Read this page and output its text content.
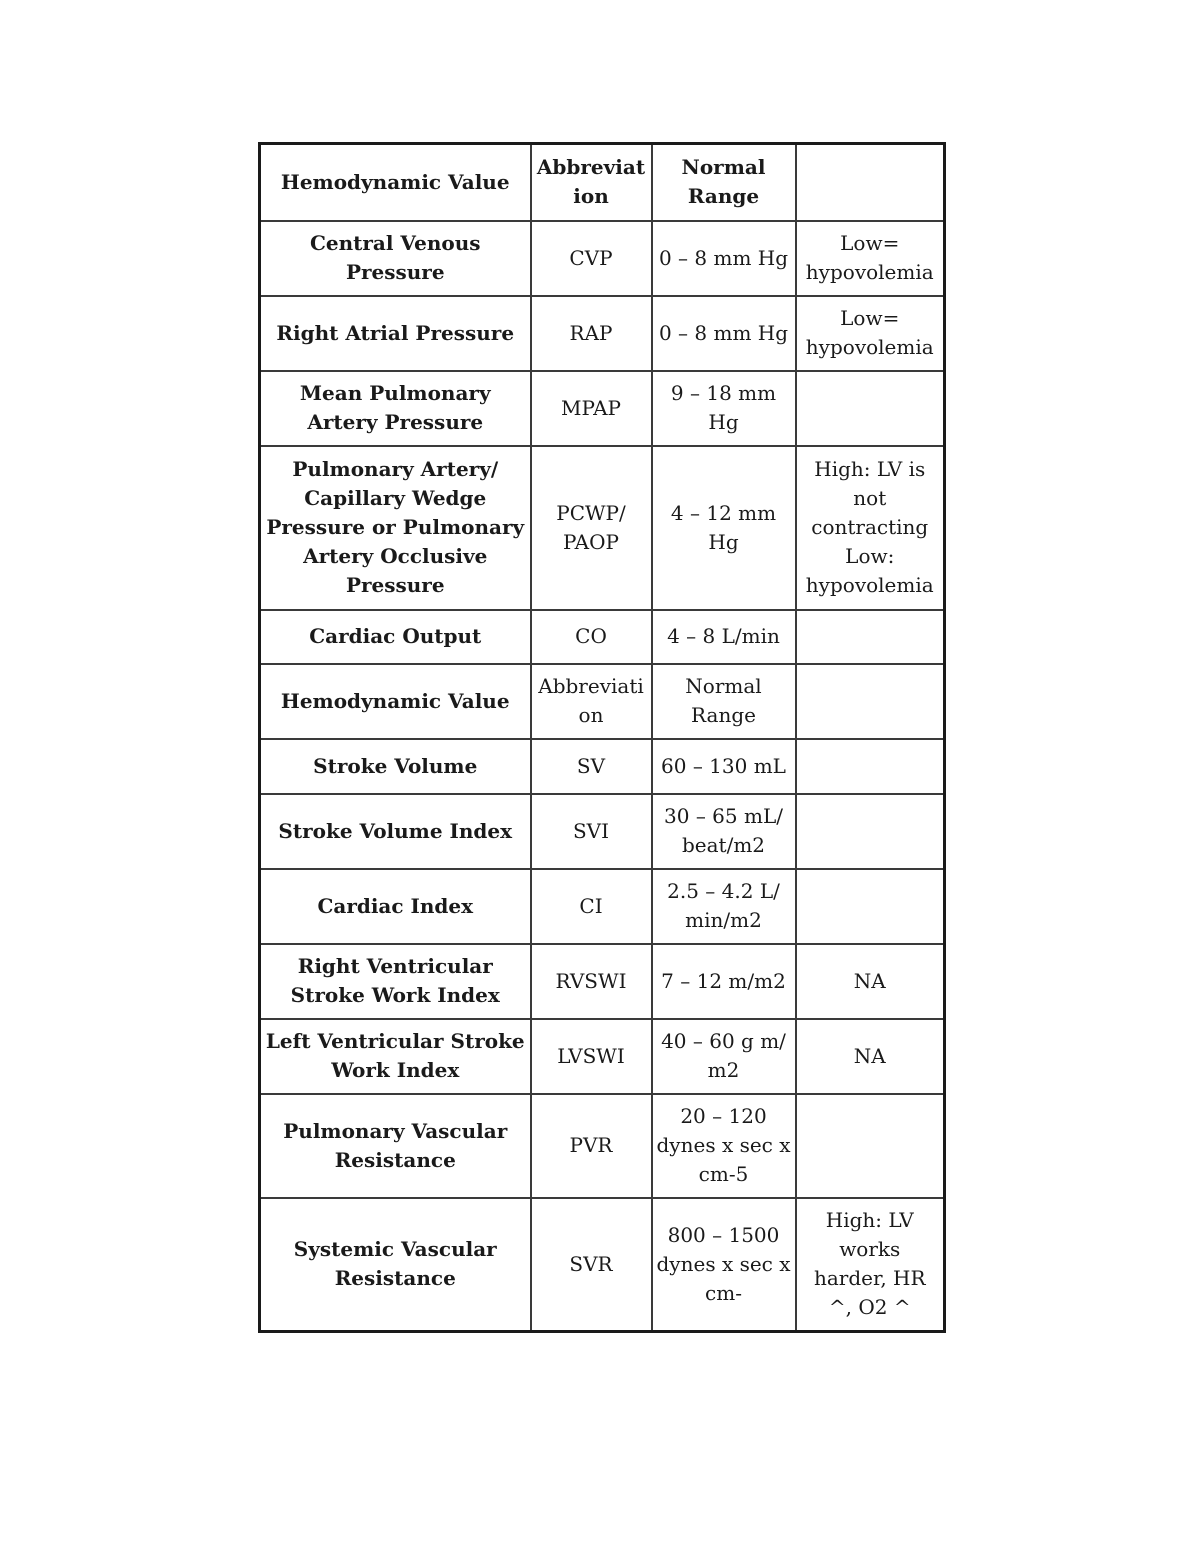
Hemodynamic Value	Abbreviat ion	Normal Range	
Central Venous Pressure	CVP	0 – 8 mm Hg	Low= hypovolemia
Right Atrial Pressure	RAP	0 – 8 mm Hg	Low= hypovolemia
Mean Pulmonary Artery Pressure	MPAP	9 – 18 mm Hg	
Pulmonary Artery/ Capillary Wedge Pressure or Pulmonary Artery Occlusive Pressure	PCWP/ PAOP	4 – 12 mm Hg	High: LV is not contracting Low: hypovolemia
Cardiac Output	CO	4 – 8 L/min	
Hemodynamic Value	Abbreviati on	Normal Range	
Stroke Volume	SV	60 – 130 mL	
Stroke Volume Index	SVI	30 – 65 mL/ beat/m2	
Cardiac Index	CI	2.5 – 4.2 L/ min/m2	
Right Ventricular Stroke Work Index	RVSWI	7 – 12 m/m2	NA
Left Ventricular Stroke Work Index	LVSWI	40 – 60 g m/ m2	NA
Pulmonary Vascular Resistance	PVR	20 – 120 dynes x sec x cm-5	
Systemic Vascular Resistance	SVR	800 – 1500 dynes x sec x cm-	High: LV works harder, HR ^, O2 ^
